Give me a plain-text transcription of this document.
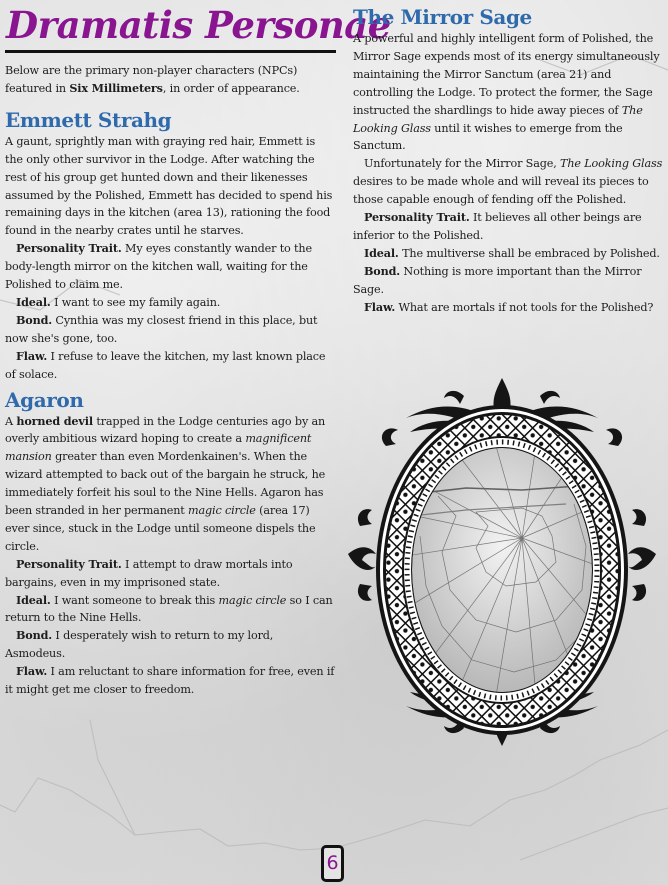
Dramatis Personae

Below are the primary non-player characters (NPCs) featured in Six Millimeters, in order of appearance.

Emmett Strahg

A gaunt, sprightly man with graying red hair, Emmett is the only other survivor in the Lodge. After watching the rest of his group get hunted down and their likenesses assumed by the Polished, Emmett has decided to spend his remaining days in the kitchen (area 13), rationing the food found in the nearby crates until he starves.

Personality Trait. My eyes constantly wander to the body-length mirror on the kitchen wall, waiting for the Polished to claim me.

Ideal. I want to see my family again.

Bond. Cynthia was my closest friend in this place, but now she's gone, too.

Flaw. I refuse to leave the kitchen, my last known place of solace.

Agaron

A horned devil trapped in the Lodge centuries ago by an overly ambitious wizard hoping to create a magnificent mansion greater than even Mordenkainen's. When the wizard attempted to back out of the bargain he struck, he immediately forfeit his soul to the Nine Hells. Agaron has been stranded in her permanent magic circle (area 17) ever since, stuck in the Lodge until someone dispels the circle.

Personality Trait. I attempt to draw mortals into bargains, even in my imprisoned state.

Ideal. I want someone to break this magic circle so I can return to the Nine Hells.

Bond. I desperately wish to return to my lord, Asmodeus.

Flaw. I am reluctant to share information for free, even if it might get me closer to freedom.

The Mirror Sage

A powerful and highly intelligent form of Polished, the Mirror Sage expends most of its energy simultaneously maintaining the Mirror Sanctum (area 21) and controlling the Lodge. To protect the former, the Sage instructed the shardlings to hide away pieces of The Looking Glass until it wishes to emerge from the Sanctum.

Unfortunately for the Mirror Sage, The Looking Glass desires to be made whole and will reveal its pieces to those capable enough of fending off the Polished.

Personality Trait. It believes all other beings are inferior to the Polished.

Ideal. The multiverse shall be embraced by Polished.

Bond. Nothing is more important than the Mirror Sage.

Flaw. What are mortals if not tools for the Polished?

6
